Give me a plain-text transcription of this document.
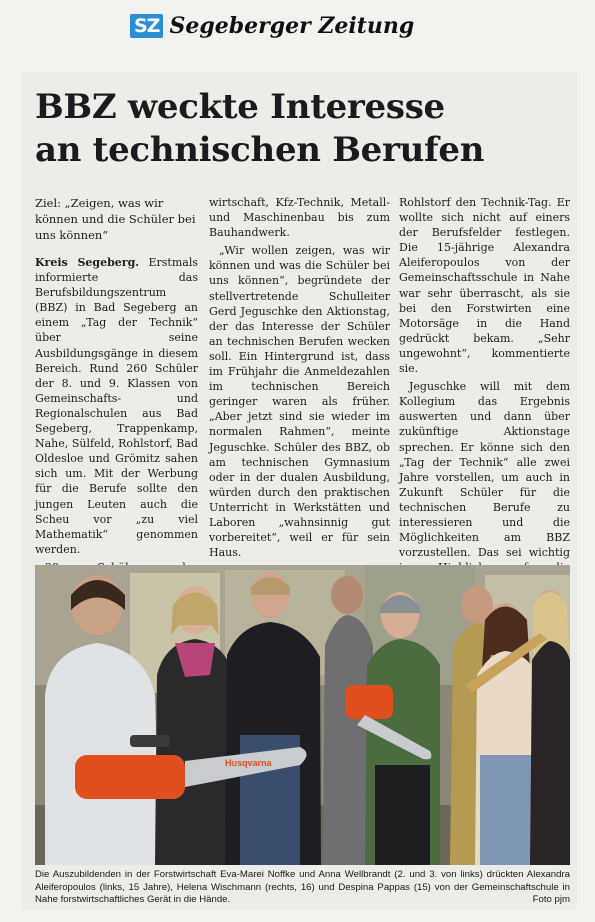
SZ Segeberger Zeitung
BBZ weckte Interesse
an technischen Berufen
Ziel: „Zeigen, was wir können und die Schüler bei uns können“

Kreis Segeberg. Erstmals informierte das Berufsbildungszentrum (BBZ) in Bad Segeberg an einem „Tag der Technik“ über seine Ausbildungsgänge in diesem Bereich. Rund 260 Schüler der 8. und 9. Klassen von Gemeinschafts- und Regionalschulen aus Bad Segeberg, Trappenkamp, Nahe, Sülfeld, Rohlstorf, Bad Oldesloe und Grömitz sahen sich um. Mit der Werbung für die Berufe sollte den jungen Leuten auch die Scheu vor „zu viel Mathematik“ genommen werden.

wirtschaft, Kfz-Technik, Metall- und Maschinenbau bis zum Bauhandwerk.

„Wir wollen zeigen, was wir können und was die Schüler bei uns können“, begründete der stellvertretende Schulleiter Gerd Jeguschke den Aktionstag, der das Interesse der Schüler an technischen Berufen wecken soll. Ein Hintergrund ist, dass im Frühjahr die Anmeldezahlen im technischen Bereich geringer waren als früher. „Aber jetzt sind sie wieder im normalen Rahmen“, meinte Jeguschke. Schüler des BBZ, ob am technischen Gymnasium oder in der dualen Ausbildung, würden durch den praktischen Unterricht in Werkstätten und Laboren „wahnsinnig gut vorbereitet“, weil er für sein Haus.

Rohlstorf den Technik-Tag. Er wollte sich nicht auf einers der Berufsfelder festlegen. Die 15-jährige Alexandra Aleiferopoulos von der Gemeinschaftsschule in Nahe war sehr überrascht, als sie bei den Forstwirten eine Motorsäge in die Hand gedrückt bekam. „Sehr ungewohnt“, kommentierte sie.

Jeguschke will mit dem Kollegium das Ergebnis auswerten und dann über zukünftige Aktionstage sprechen. Er könne sich den „Tag der Technik“ alle zwei Jahre vorstellen, um auch in Zukunft Schüler für die technischen Berufe zu interessieren und die Möglichkeiten am BBZ vorzustellen. Das sei wichtig

Husqvarna
Die Auszubildenden in der Forstwirtschaft Eva-Marei Noffke und Anna Wellbrandt (2. und 3. von links) drückten Alexandra Aleiferopoulos (links, 15 Jahre), Helena Wischmann (rechts, 16) und Despina Pappas (15) von der Gemeinschaftschule in Nahe forstwirtschaftliches Gerät in die Hände.	Foto pjm
